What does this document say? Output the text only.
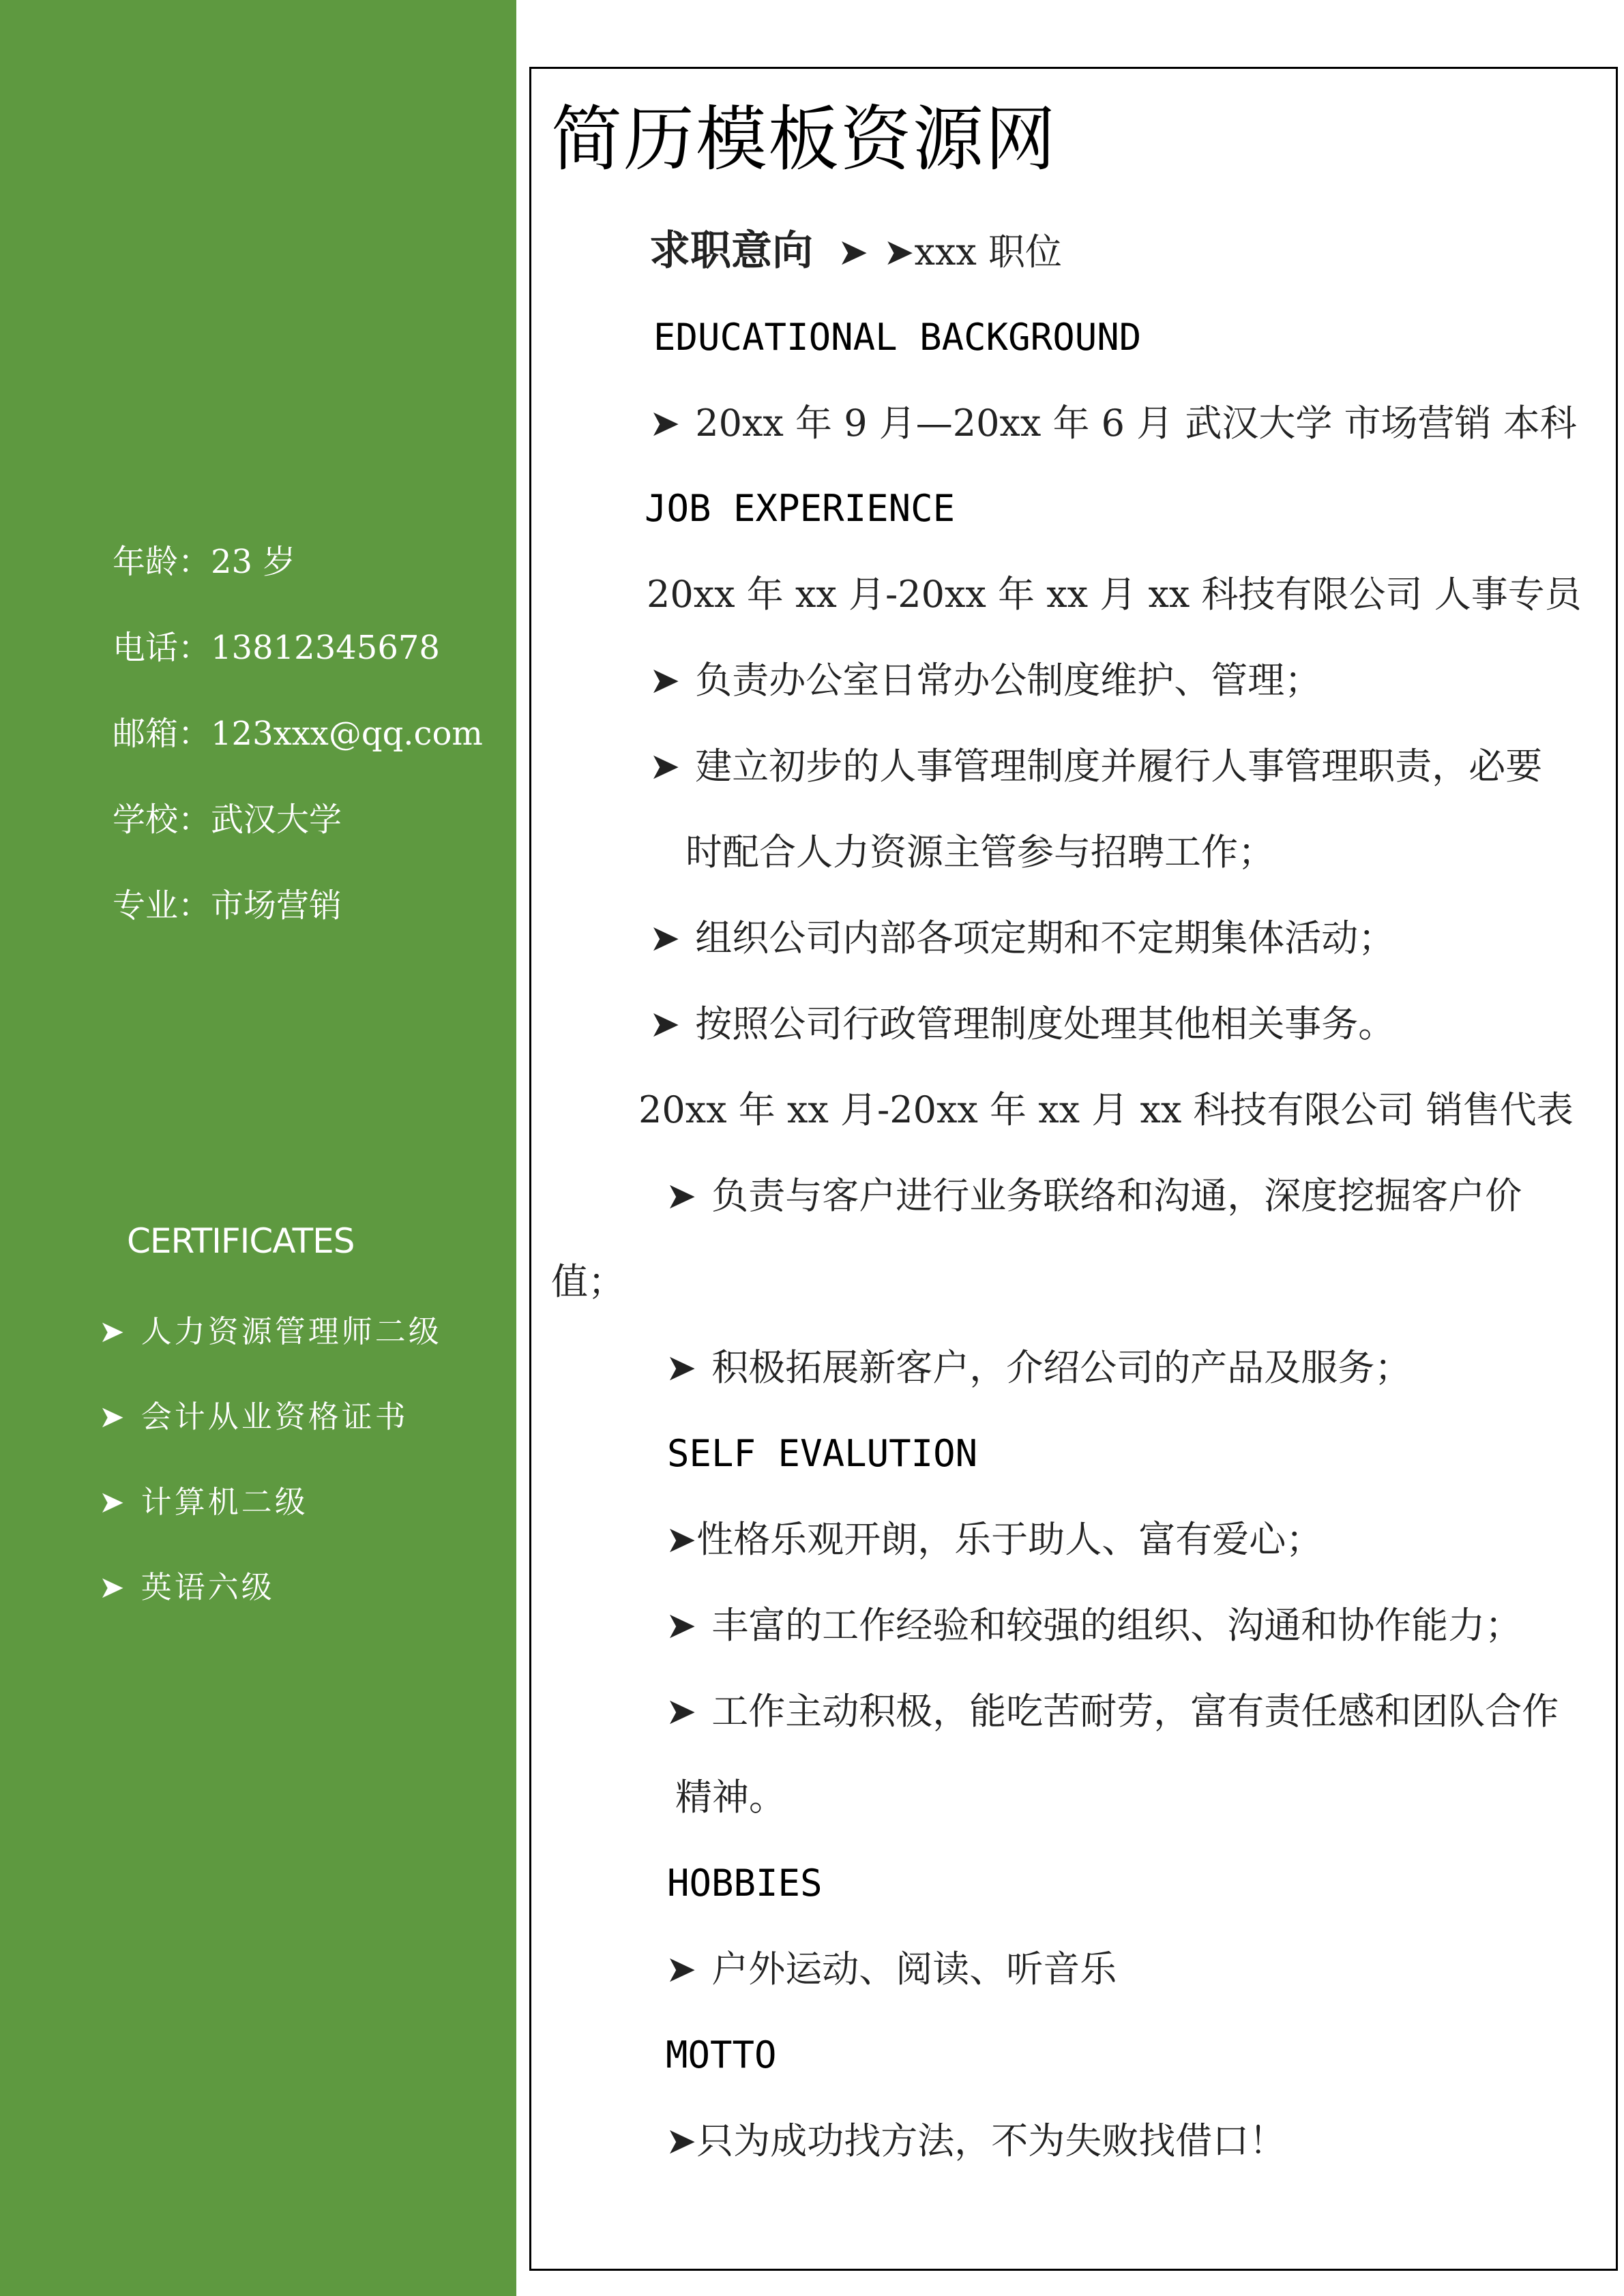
年龄：23 岁
电话：13812345678
邮箱：123xxx@qq.com
学校：武汉大学
专业：市场营销
CERTIFICATES
➤ 人力资源管理师二级
➤ 会计从业资格证书
➤ 计算机二级
➤ 英语六级
简历模板资源网
求职意向 ➤ ➤xxx 职位
EDUCATIONAL BACKGROUND
➤ 20xx 年 9 月—20xx 年 6 月 武汉大学 市场营销 本科
JOB EXPERIENCE
20xx 年 xx 月-20xx 年 xx 月 xx 科技有限公司 人事专员
➤ 负责办公室日常办公制度维护、管理；
➤ 建立初步的人事管理制度并履行人事管理职责，必要
时配合人力资源主管参与招聘工作；
➤ 组织公司内部各项定期和不定期集体活动；
➤ 按照公司行政管理制度处理其他相关事务。
20xx 年 xx 月-20xx 年 xx 月 xx 科技有限公司 销售代表
➤ 负责与客户进行业务联络和沟通，深度挖掘客户价
值；
➤ 积极拓展新客户，介绍公司的产品及服务；
SELF EVALUTION
➤性格乐观开朗，乐于助人、富有爱心；
➤ 丰富的工作经验和较强的组织、沟通和协作能力；
➤ 工作主动积极，能吃苦耐劳，富有责任感和团队合作
精神。
HOBBIES
➤ 户外运动、阅读、听音乐
MOTTO
➤只为成功找方法，不为失败找借口！
